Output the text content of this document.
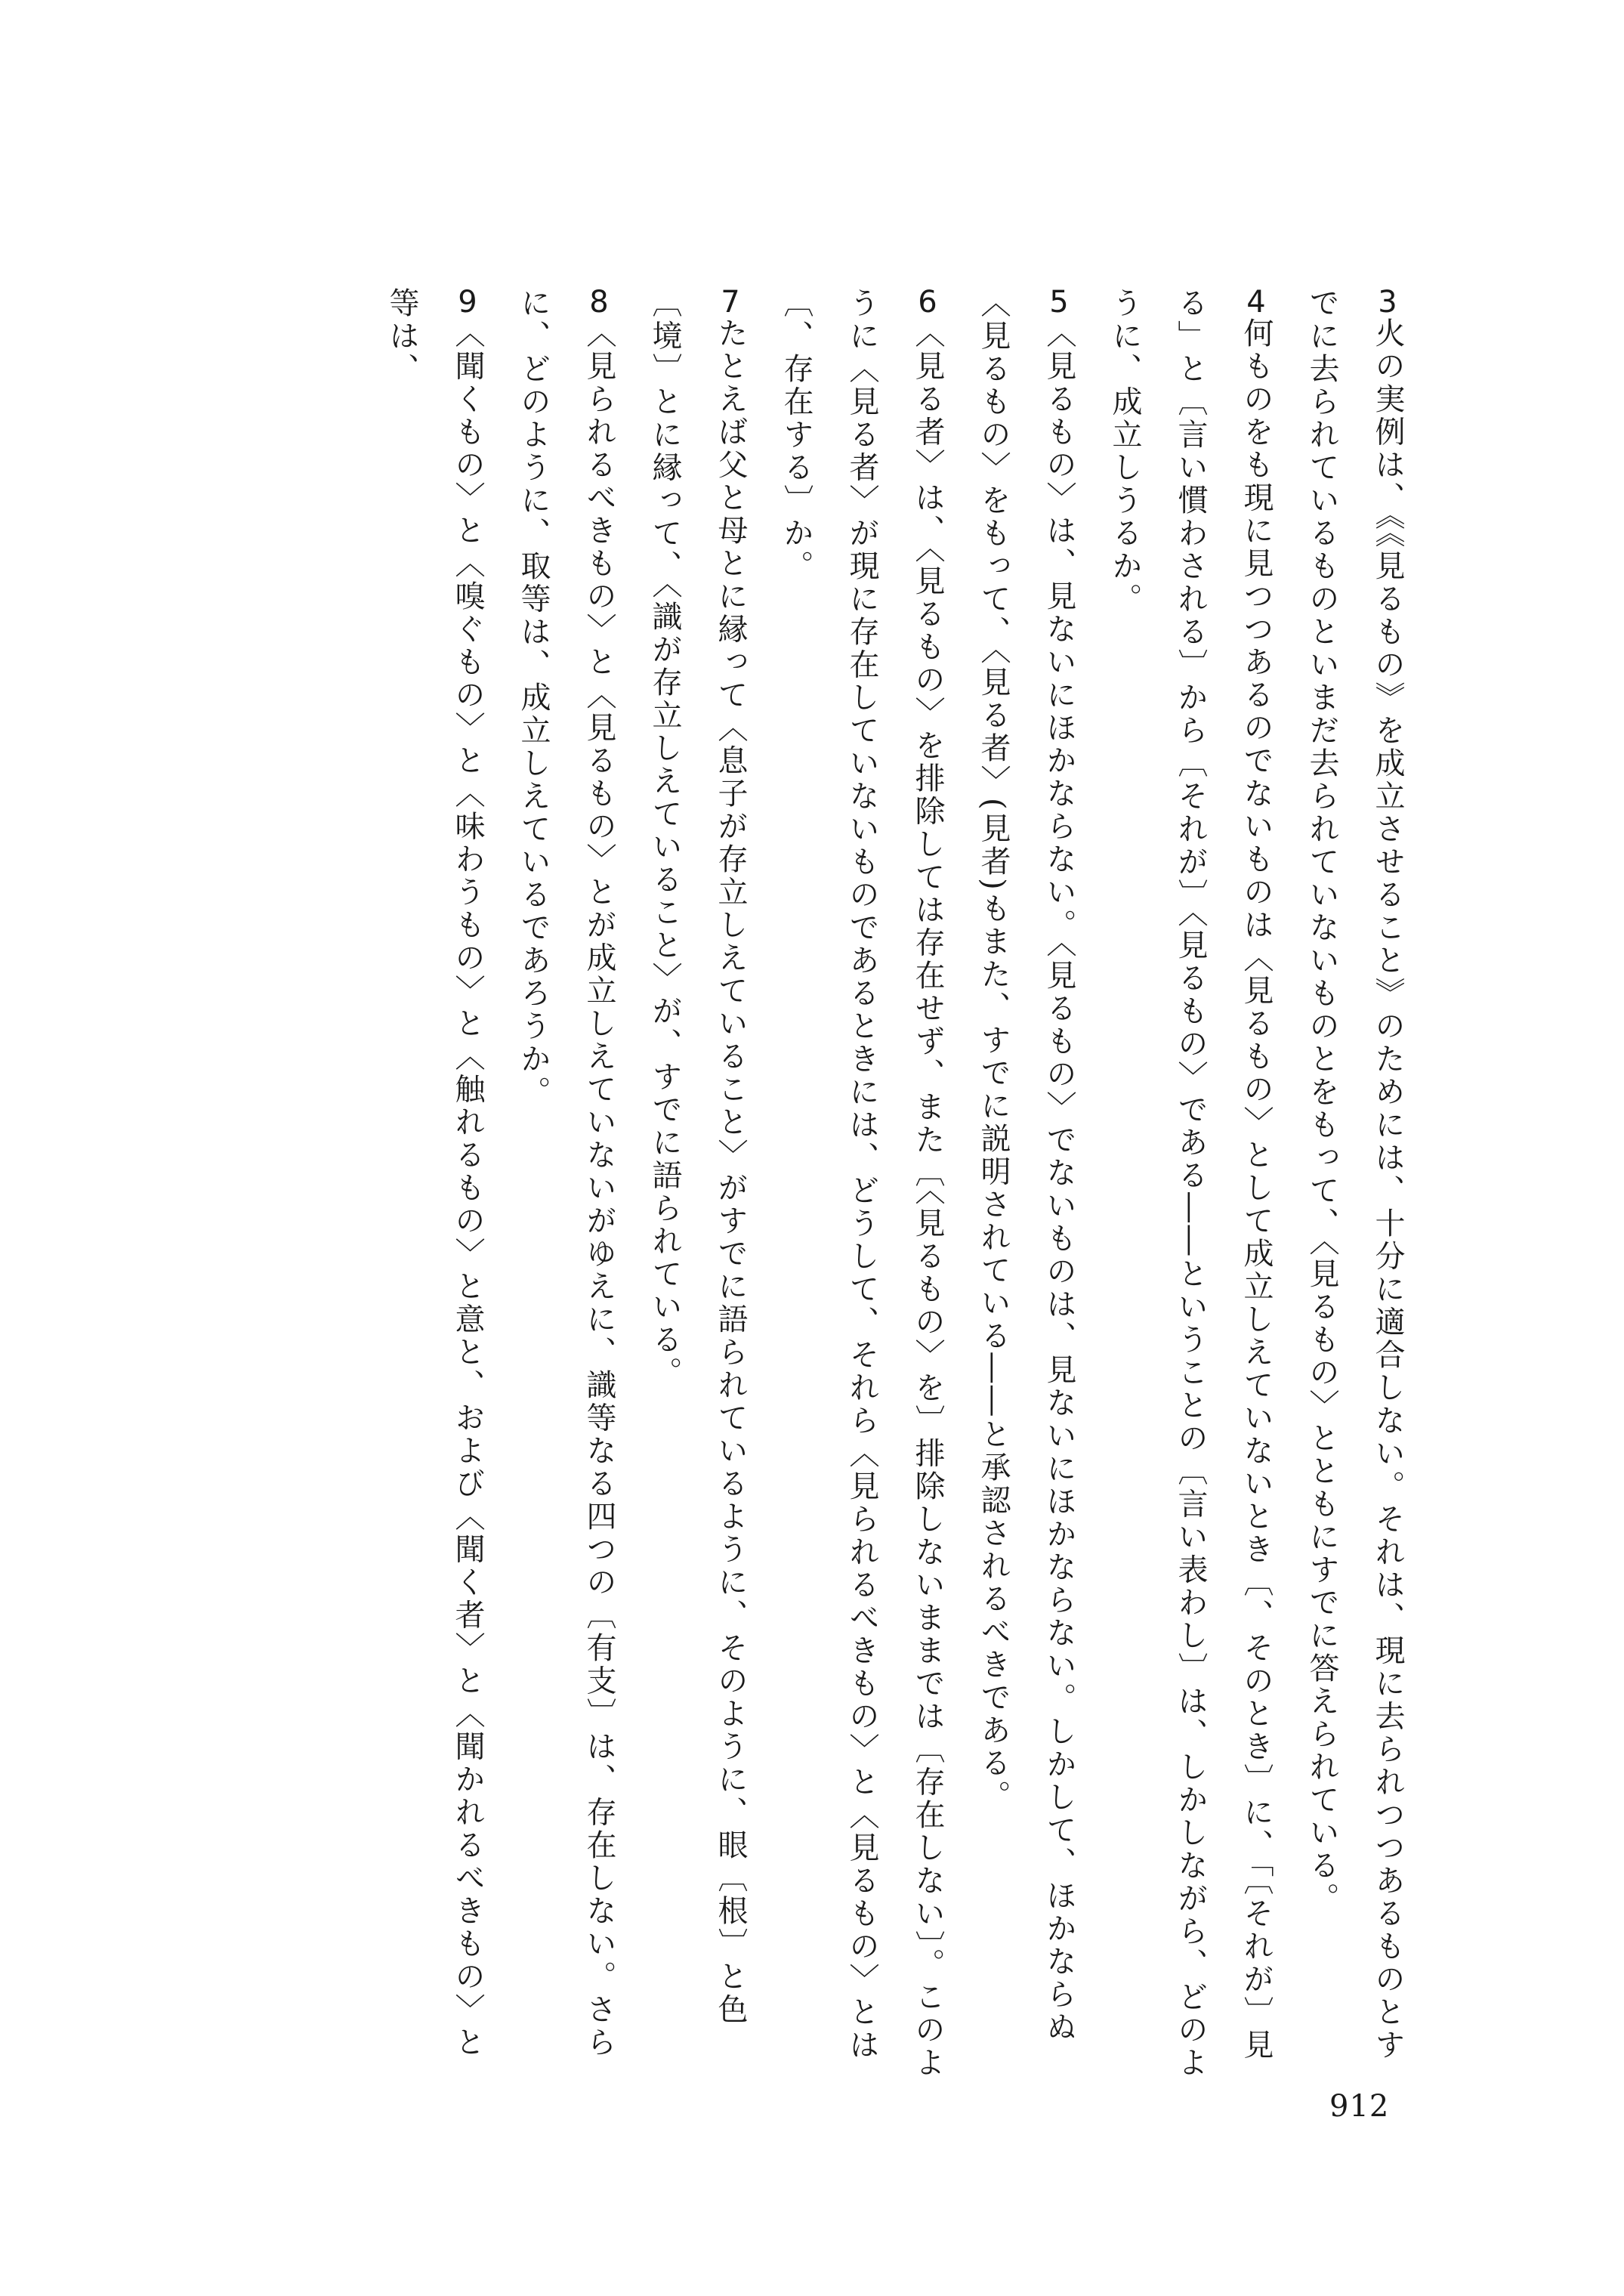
3火の実例は、《《見るもの》を成立させること》のためには、十分に適合しない。それは、現に去られつつあるものとすでに去られているものといまだ去られていないものとをもって、〈見るもの〉とともにすでに答えられている。

4何ものをも現に見つつあるのでないものは〈見るもの〉として成立しえていないとき〔、そのとき〕に、「〔それが〕見る」と〔言い慣わされる〕から〔それが〕〈見るもの〉である――ということの〔言い表わし〕は、しかしながら、どのように、成立しうるか。

5〈見るもの〉は、見ないにほかならない。〈見るもの〉でないものは、見ないにほかならない。しかして、ほかならぬ〈見るもの〉をもって、〈見る者〉(見者)もまた、すでに説明されている――と承認されるべきである。

6〈見る者〉は、〈見るもの〉を排除しては存在せず、また〔〈見るもの〉を〕排除しないままでは〔存在しない〕。このように〈見る者〉が現に存在していないものであるときには、どうして、それら〈見られるべきもの〉と〈見るもの〉とは〔、存在する〕か。

7たとえば父と母とに縁って〈息子が存立しえていること〉がすでに語られているように、そのように、眼〔根〕と色〔境〕とに縁って、〈識が存立しえていること〉が、すでに語られている。

8〈見られるべきもの〉と〈見るもの〉とが成立しえていないがゆえに、識等なる四つの〔有支〕は、存在しない。さらに、どのように、取等は、成立しえているであろうか。

9〈聞くもの〉と〈嗅ぐもの〉と〈味わうもの〉と〈触れるもの〉と意と、および〈聞く者〉と〈聞かれるべきもの〉と等は、

912
